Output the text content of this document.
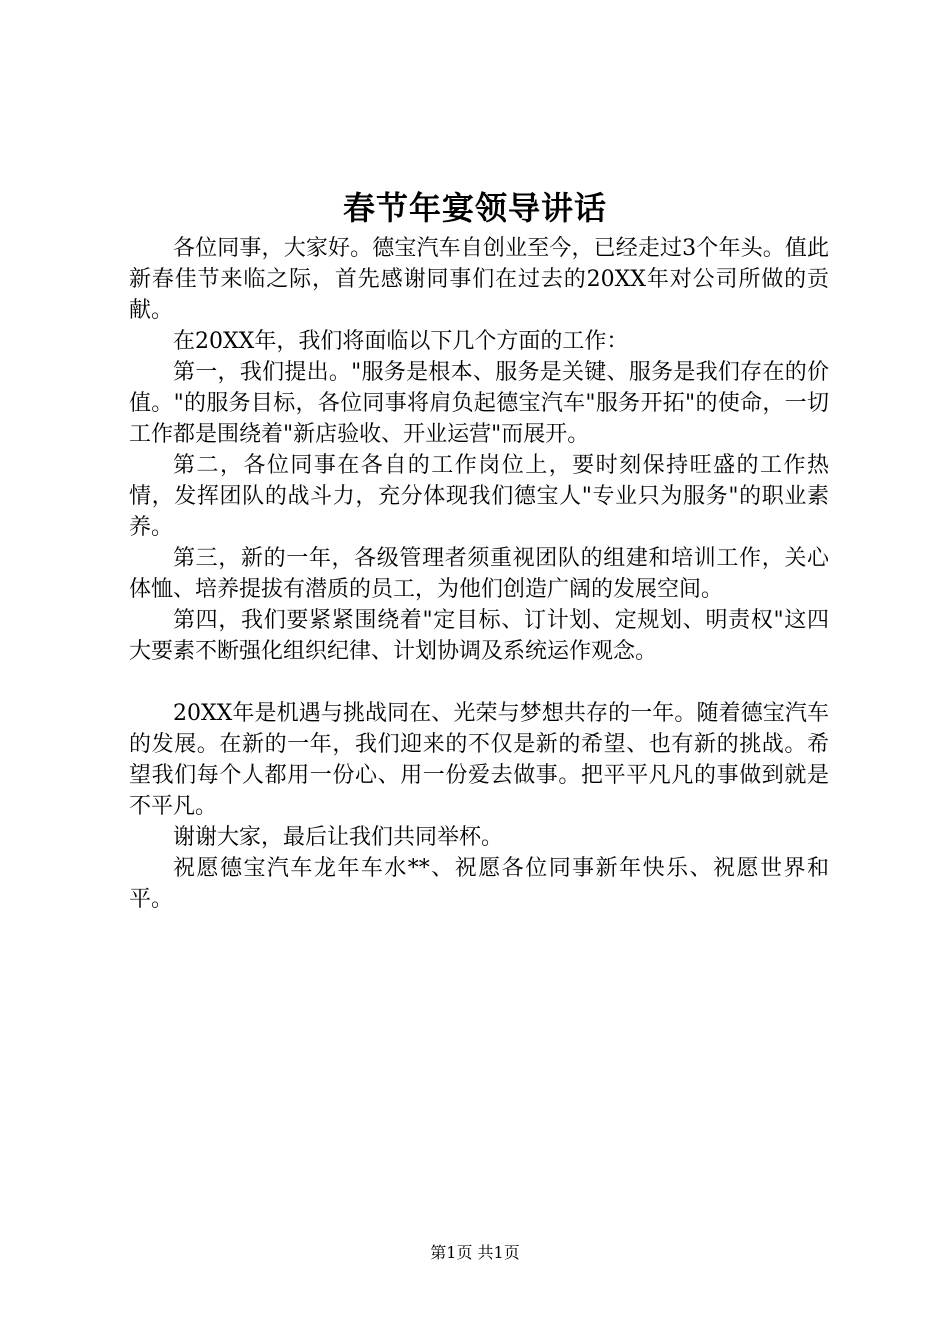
春节年宴领导讲话

各位同事，大家好。德宝汽车自创业至今，已经走过3个年头。值此新春佳节来临之际，首先感谢同事们在过去的20XX年对公司所做的贡献。

在20XX年，我们将面临以下几个方面的工作：

第一，我们提出。"服务是根本、服务是关键、服务是我们存在的价值。"的服务目标，各位同事将肩负起德宝汽车"服务开拓"的使命，一切工作都是围绕着"新店验收、开业运营"而展开。

第二，各位同事在各自的工作岗位上，要时刻保持旺盛的工作热情，发挥团队的战斗力，充分体现我们德宝人"专业只为服务"的职业素养。

第三，新的一年，各级管理者须重视团队的组建和培训工作，关心体恤、培养提拔有潜质的员工，为他们创造广阔的发展空间。

第四，我们要紧紧围绕着"定目标、订计划、定规划、明责权"这四大要素不断强化组织纪律、计划协调及系统运作观念。

20XX年是机遇与挑战同在、光荣与梦想共存的一年。随着德宝汽车的发展。在新的一年，我们迎来的不仅是新的希望、也有新的挑战。希望我们每个人都用一份心、用一份爱去做事。把平平凡凡的事做到就是不平凡。

谢谢大家，最后让我们共同举杯。

祝愿德宝汽车龙年车水**、祝愿各位同事新年快乐、祝愿世界和平。

第1页 共1页
